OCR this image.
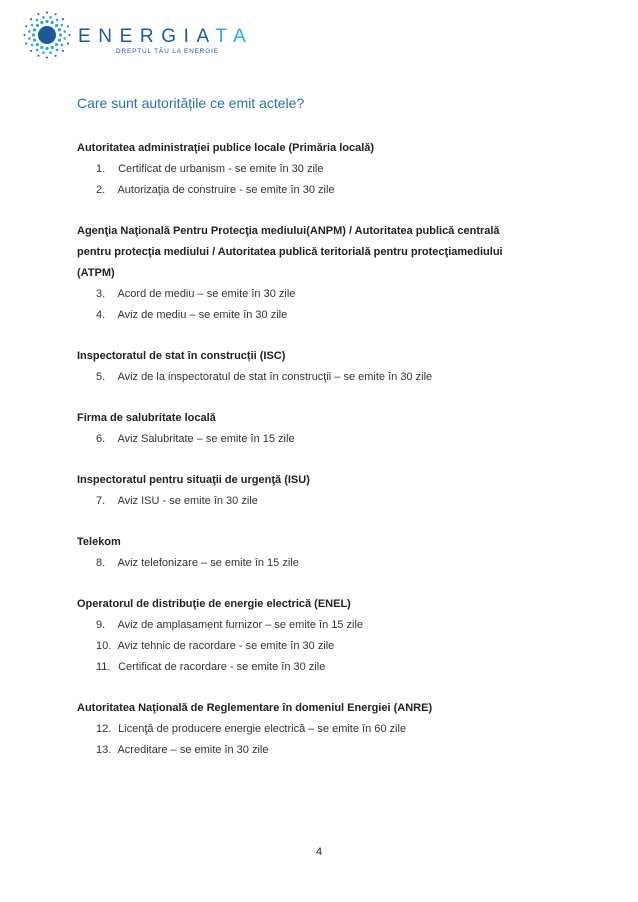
ENERGIATA
DREPTUL TĂU LA ENERGIE
Care sunt autoritățile ce emit actele?
Autoritatea administraţiei publice locale (Primăria locală)
1. Certificat de urbanism - se emite în 30 zile
2. Autorizaţia de construire - se emite în 30 zile
Agenţia Naţională Pentru Protecţia mediului(ANPM) / Autoritatea publică centrală
pentru protecţia mediului / Autoritatea publică teritorială pentru protecţiamediului
(ATPM)
3. Acord de mediu – se emite în 30 zile
4. Aviz de mediu – se emite în 30 zile
Inspectoratul de stat în construcții (ISC)
5. Aviz de la inspectoratul de stat în construcţii – se emite în 30 zile
Firma de salubritate locală
6. Aviz Salubritate – se emite în 15 zile
Inspectoratul pentru situaţii de urgenţă (ISU)
7. Aviz ISU - se emite în 30 zile
Telekom
8. Aviz telefonizare – se emite în 15 zile
Operatorul de distribuţie de energie electrică (ENEL)
9. Aviz de amplasament furnizor – se emite în 15 zile
10. Aviz tehnic de racordare - se emite în 30 zile
11. Certificat de racordare - se emite în 30 zile
Autoritatea Naţională de Reglementare în domeniul Energiei (ANRE)
12. Licenţă de producere energie electrică – se emite în 60 zile
13. Acreditare – se emite în 30 zile
4
